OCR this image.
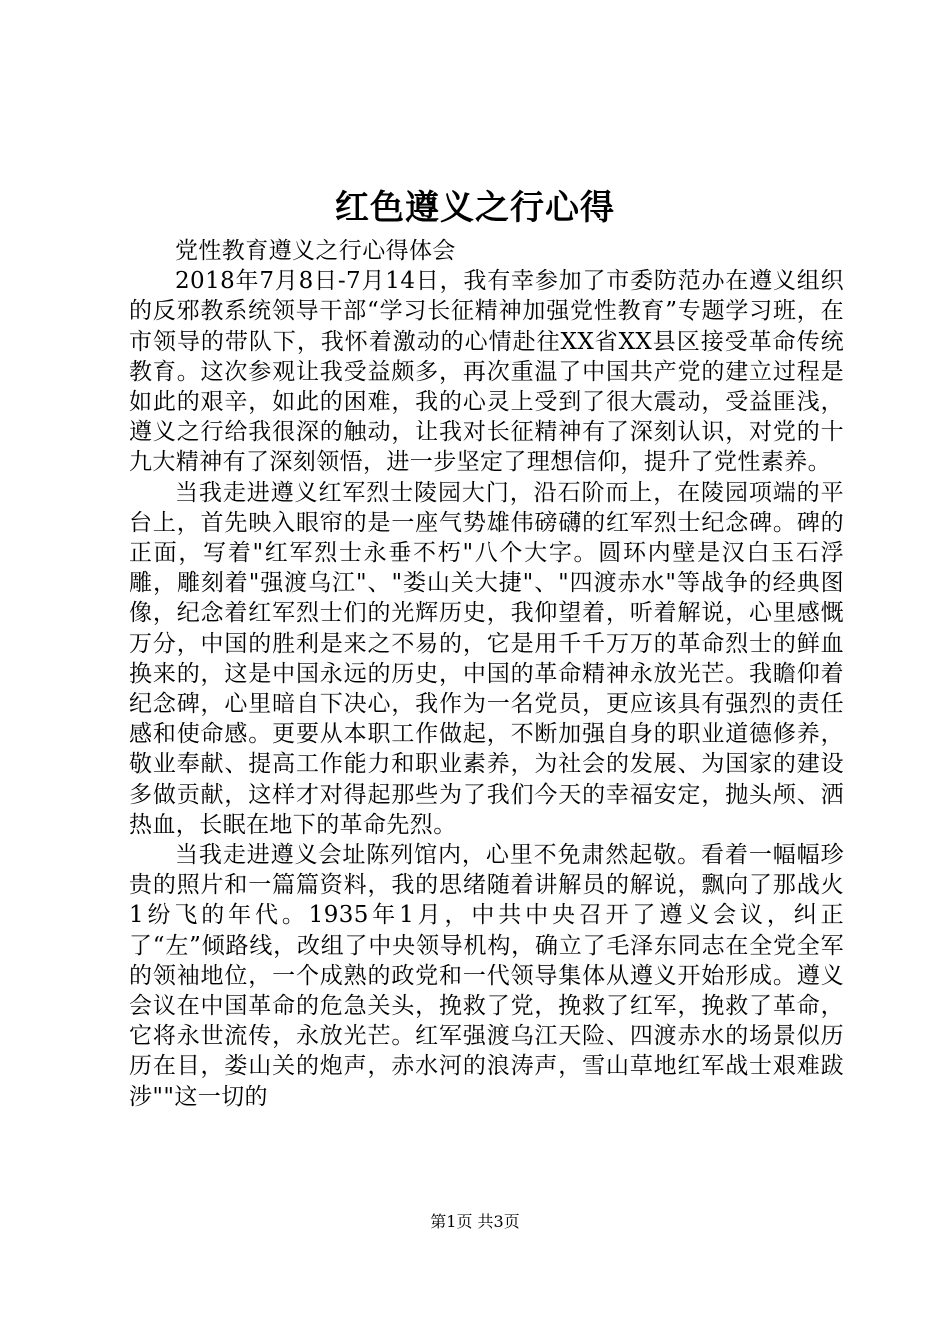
红色遵义之行心得

党性教育遵义之行心得体会

2018年7月8日-7月14日，我有幸参加了市委防范办在遵义组织的反邪教系统领导干部“学习长征精神加强党性教育”专题学习班，在市领导的带队下，我怀着激动的心情赴往XX省XX县区接受革命传统教育。这次参观让我受益颇多，再次重温了中国共产党的建立过程是如此的艰辛，如此的困难，我的心灵上受到了很大震动，受益匪浅，遵义之行给我很深的触动，让我对长征精神有了深刻认识，对党的十九大精神有了深刻领悟，进一步坚定了理想信仰，提升了党性素养。

当我走进遵义红军烈士陵园大门，沿石阶而上，在陵园项端的平台上，首先映入眼帘的是一座气势雄伟磅礴的红军烈士纪念碑。碑的正面，写着"红军烈士永垂不朽"八个大字。圆环内壁是汉白玉石浮雕，雕刻着"强渡乌江"、"娄山关大捷"、"四渡赤水"等战争的经典图像，纪念着红军烈士们的光辉历史，我仰望着，听着解说，心里感慨万分，中国的胜利是来之不易的，它是用千千万万的革命烈士的鲜血换来的，这是中国永远的历史，中国的革命精神永放光芒。我瞻仰着纪念碑，心里暗自下决心，我作为一名党员，更应该具有强烈的责任感和使命感。更要从本职工作做起，不断加强自身的职业道德修养，敬业奉献、提高工作能力和职业素养，为社会的发展、为国家的建设多做贡献，这样才对得起那些为了我们今天的幸福安定，抛头颅、洒热血，长眠在地下的革命先烈。

当我走进遵义会址陈列馆内，心里不免肃然起敬。看着一幅幅珍贵的照片和一篇篇资料，我的思绪随着讲解员的解说，飘向了那战火1纷飞的年代。1935年1月，中共中央召开了遵义会议，纠正了“左”倾路线，改组了中央领导机构，确立了毛泽东同志在全党全军的领袖地位，一个成熟的政党和一代领导集体从遵义开始形成。遵义会议在中国革命的危急关头，挽救了党，挽救了红军，挽救了革命，它将永世流传，永放光芒。红军强渡乌江天险、四渡赤水的场景似历历在目，娄山关的炮声，赤水河的浪涛声，雪山草地红军战士艰难跋涉""这一切的

第1页 共3页
